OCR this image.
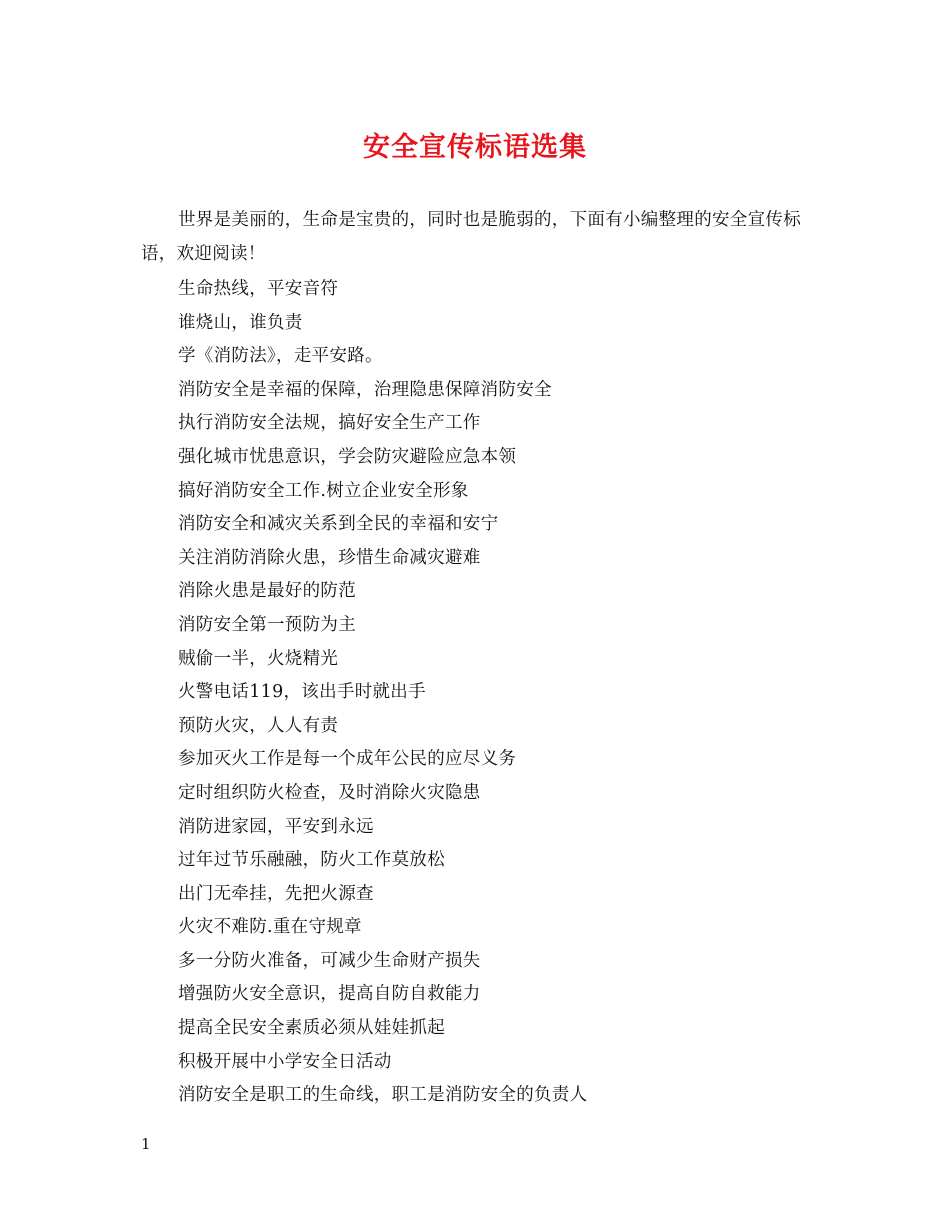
安全宣传标语选集

世界是美丽的，生命是宝贵的，同时也是脆弱的，下面有小编整理的安全宣传标语，欢迎阅读！

生命热线，平安音符
谁烧山，谁负责
学《消防法》，走平安路。
消防安全是幸福的保障，治理隐患保障消防安全
执行消防安全法规，搞好安全生产工作
强化城市忧患意识，学会防灾避险应急本领
搞好消防安全工作.树立企业安全形象
消防安全和减灾关系到全民的幸福和安宁
关注消防消除火患，珍惜生命减灾避难
消除火患是最好的防范
消防安全第一预防为主
贼偷一半，火烧精光
火警电话119，该出手时就出手
预防火灾，人人有责
参加灭火工作是每一个成年公民的应尽义务
定时组织防火检查，及时消除火灾隐患
消防进家园，平安到永远
过年过节乐融融，防火工作莫放松
出门无牵挂，先把火源查
火灾不难防.重在守规章
多一分防火准备，可减少生命财产损失
增强防火安全意识，提高自防自救能力
提高全民安全素质必须从娃娃抓起
积极开展中小学安全日活动
消防安全是职工的生命线，职工是消防安全的负责人
1
